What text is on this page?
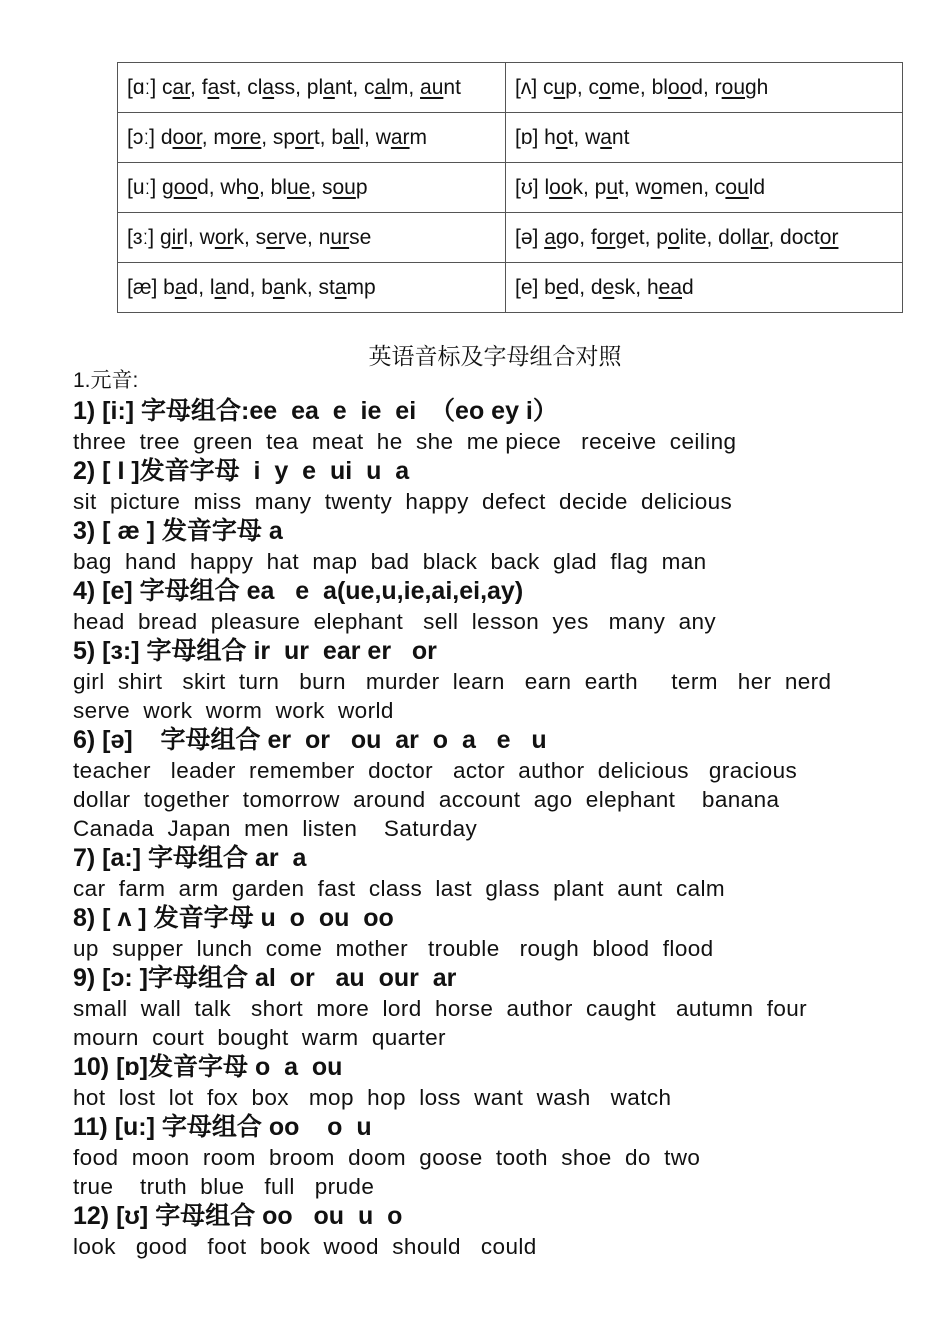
[ɑː] car, fast, class, plant, calm, aunt	[ʌ] cup, come, blood, rough
[ɔː] door, more, sport, ball, warm	[ɒ] hot, want
[uː] good, who, blue, soup	[ʊ] look, put, women, could
[ɜː] girl, work, serve, nurse	[ə] ago, forget, polite, dollar, doctor
[æ] bad, land, bank, stamp	[e] bed, desk, head
英语音标及字母组合对照
1.元音:
1) [i:] 字母组合:ee  ea  e  ie  ei  （eo ey i）
three  tree  green  tea  meat  he  she  me piece   receive  ceiling
2) [ I ]发音字母  i  y  e  ui  u  a
sit  picture  miss  many  twenty  happy  defect  decide  delicious
3) [ æ ] 发音字母 a
bag  hand  happy  hat  map  bad  black  back  glad  flag  man
4) [e] 字母组合 ea   e  a(ue,u,ie,ai,ei,ay)
head  bread  pleasure  elephant   sell  lesson  yes   many  any
5) [ɜ:] 字母组合 ir  ur  ear er   or
girl  shirt   skirt  turn   burn   murder  learn   earn  earth     term   her  nerd
serve  work  worm  work  world
6) [ə]    字母组合 er  or   ou  ar  o  a   e   u
teacher   leader  remember  doctor   actor  author  delicious   gracious
dollar  together  tomorrow  around  account  ago  elephant    banana
Canada  Japan  men  listen    Saturday
7) [a:] 字母组合 ar  a
car  farm  arm  garden  fast  class  last  glass  plant  aunt  calm
8) [ ʌ ] 发音字母 u  o  ou  oo
up  supper  lunch  come  mother   trouble   rough  blood  flood
9) [ɔ: ]字母组合 al  or   au  our  ar
small  wall  talk   short  more  lord  horse  author  caught   autumn  four
mourn  court  bought  warm  quarter
10) [ɒ]发音字母 o  a  ou
hot  lost  lot  fox  box   mop  hop  loss  want  wash   watch
11) [u:] 字母组合 oo    o  u
food  moon  room  broom  doom  goose  tooth  shoe  do  two
true    truth  blue   full   prude
12) [ʊ] 字母组合 oo   ou  u  o
look   good   foot  book  wood  should   could
